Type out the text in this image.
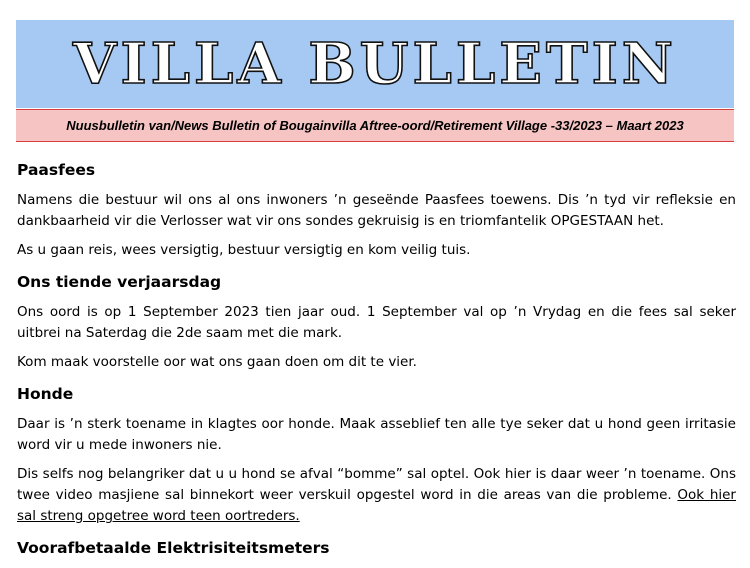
VILLA BULLETIN
Nuusbulletin van/News Bulletin of Bougainvilla Aftree-oord/Retirement Village -33/2023 – Maart 2023
Paasfees

Namens die bestuur wil ons al ons inwoners ’n geseënde Paasfees toewens. Dis ’n tyd vir refleksie en dankbaarheid vir die Verlosser wat vir ons sondes gekruisig is en triomfantelik OPGESTAAN het.

As u gaan reis, wees versigtig, bestuur versigtig en kom veilig tuis.

Ons tiende verjaarsdag

Ons oord is op 1 September 2023 tien jaar oud. 1 September val op ’n Vrydag en die fees sal seker uitbrei na Saterdag die 2de saam met die mark.

Kom maak voorstelle oor wat ons gaan doen om dit te vier.

Honde

Daar is ’n sterk toename in klagtes oor honde. Maak asseblief ten alle tye seker dat u hond geen irritasie word vir u mede inwoners nie.

Dis selfs nog belangriker dat u u hond se afval “bomme” sal optel. Ook hier is daar weer ’n toename. Ons twee video masjiene sal binnekort weer verskuil opgestel word in die areas van die probleme. Ook hier sal streng opgetree word teen oortreders.

Voorafbetaalde Elektrisiteitsmeters
